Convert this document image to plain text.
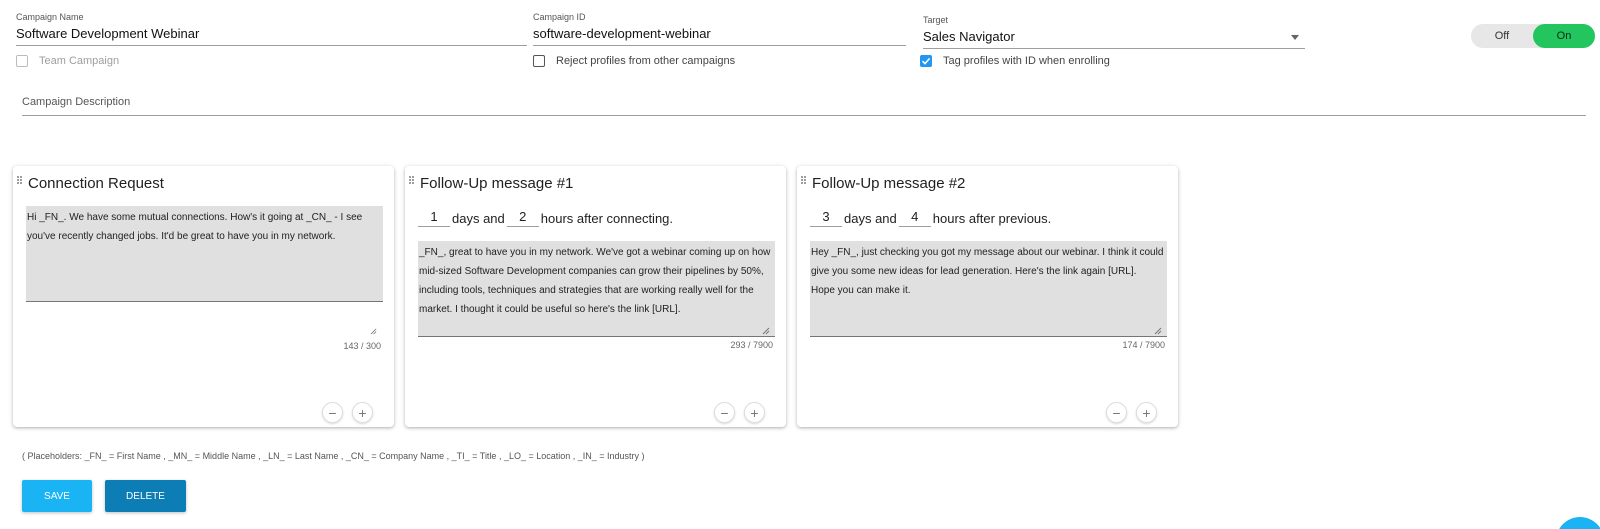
Campaign Name
Software Development Webinar
Campaign ID
software-development-webinar
Target
Sales Navigator	Off	On
Team Campaign	Reject profiles from other campaigns	Tag profiles with ID when enrolling
Campaign Description
Connection Request
Hi _FN_. We have some mutual connections. How's it going at _CN_ - I see you've recently changed jobs. It'd be great to have you in my network.
143 / 300
− +
Follow-Up message #1
1	days and	2	hours after connecting.
_FN_, great to have you in my network. We've got a webinar coming up on how mid-sized Software Development companies can grow their pipelines by 50%, including tools, techniques and strategies that are working really well for the market. I thought it could be useful so here's the link [URL].
293 / 7900
− +
Follow-Up message #2
3	days and	4	hours after previous.
Hey _FN_, just checking you got my message about our webinar. I think it could give you some new ideas for lead generation. Here's the link again [URL].
Hope you can make it.
174 / 7900
− +
( Placeholders: _FN_ = First Name , _MN_ = Middle Name , _LN_ = Last Name , _CN_ = Company Name , _TI_ = Title , _LO_ = Location , _IN_ = Industry )
SAVE	DELETE
